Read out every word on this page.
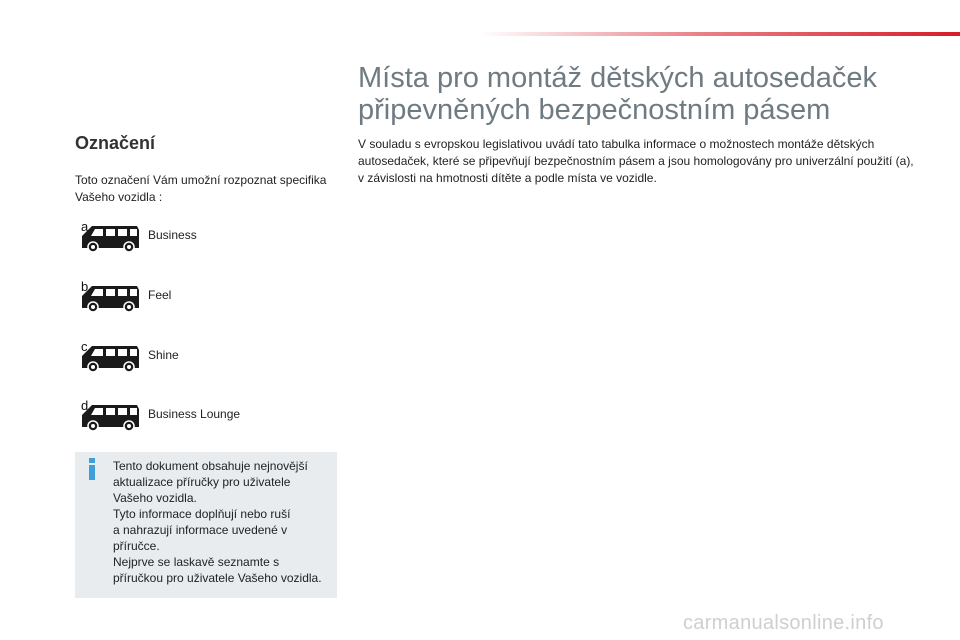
Místa pro montáž dětských autosedaček
připevněných bezpečnostním pásem

V souladu s evropskou legislativou uvádí tato tabulka informace o možnostech montáže dětských autosedaček, které se připevňují bezpečnostním pásem a jsou homologovány pro univerzální použití (a), v závislosti na hmotnosti dítěte a podle místa ve vozidle.

Označení

Toto označení Vám umožní rozpoznat specifika Vašeho vozidla :

a
Business
b
Feel
c
Shine
d
Business Lounge

Tento dokument obsahuje nejnovější
aktualizace příručky pro uživatele
Vašeho vozidla.
Tyto informace doplňují nebo ruší
a nahrazují informace uvedené v
příručce.
Nejprve se laskavě seznamte s
příručkou pro uživatele Vašeho vozidla.

carmanualsonline.info
